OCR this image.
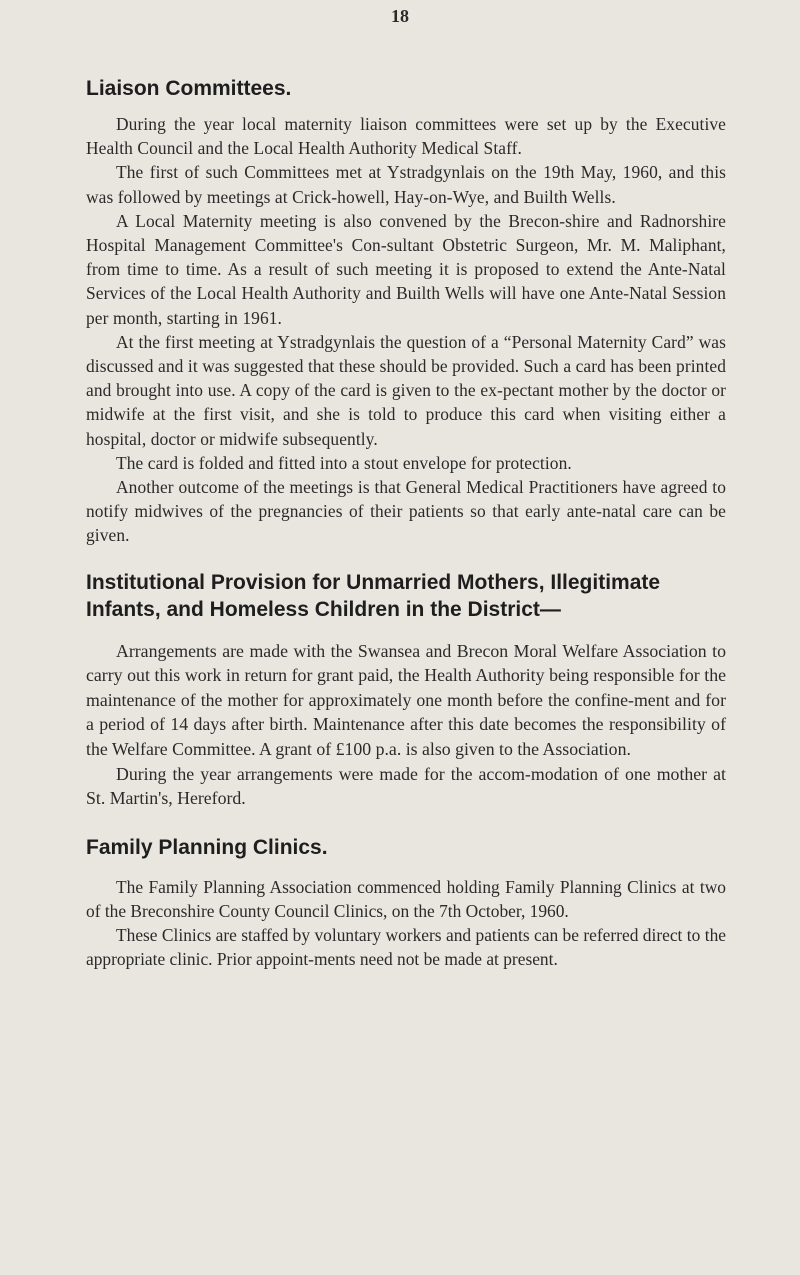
18
Liaison Committees.

During the year local maternity liaison committees were set up by the Executive Health Council and the Local Health Authority Medical Staff.

The first of such Committees met at Ystradgynlais on the 19th May, 1960, and this was followed by meetings at Crick-howell, Hay-on-Wye, and Builth Wells.

A Local Maternity meeting is also convened by the Brecon-shire and Radnorshire Hospital Management Committee's Con-sultant Obstetric Surgeon, Mr. M. Maliphant, from time to time. As a result of such meeting it is proposed to extend the Ante-Natal Services of the Local Health Authority and Builth Wells will have one Ante-Natal Session per month, starting in 1961.

At the first meeting at Ystradgynlais the question of a “Personal Maternity Card” was discussed and it was suggested that these should be provided. Such a card has been printed and brought into use. A copy of the card is given to the ex-pectant mother by the doctor or midwife at the first visit, and she is told to produce this card when visiting either a hospital, doctor or midwife subsequently.

The card is folded and fitted into a stout envelope for protection.

Another outcome of the meetings is that General Medical Practitioners have agreed to notify midwives of the pregnancies of their patients so that early ante-natal care can be given.

Institutional Provision for Unmarried Mothers, Illegitimate Infants, and Homeless Children in the District—

Arrangements are made with the Swansea and Brecon Moral Welfare Association to carry out this work in return for grant paid, the Health Authority being responsible for the maintenance of the mother for approximately one month before the confine-ment and for a period of 14 days after birth. Maintenance after this date becomes the responsibility of the Welfare Committee. A grant of £100 p.a. is also given to the Association.

During the year arrangements were made for the accom-modation of one mother at St. Martin's, Hereford.

Family Planning Clinics.

The Family Planning Association commenced holding Family Planning Clinics at two of the Breconshire County Council Clinics, on the 7th October, 1960.

These Clinics are staffed by voluntary workers and patients can be referred direct to the appropriate clinic. Prior appoint-ments need not be made at present.
